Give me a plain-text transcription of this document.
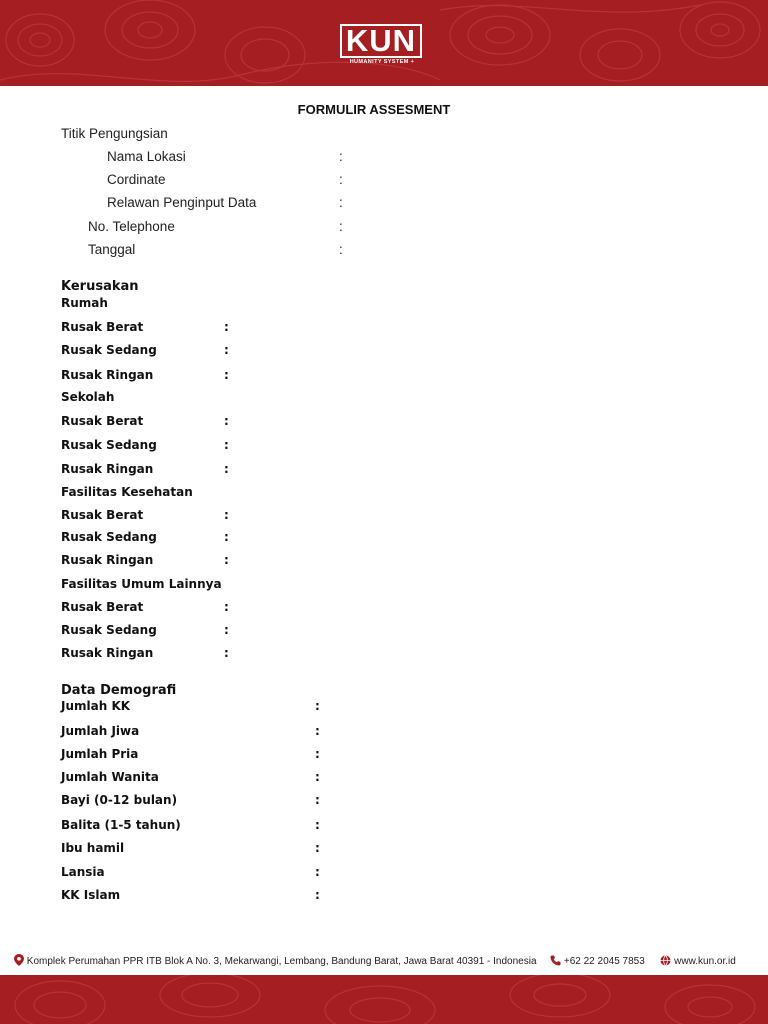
KUN
HUMANITY SYSTEM +
FORMULIR ASSESMENT
Titik Pengungsian
Nama Lokasi	:
Cordinate	:
Relawan Penginput Data	:
No. Telephone	:
Tanggal	:
Kerusakan
Rumah
Rusak Berat	:
Rusak Sedang	:
Rusak Ringan	:
Sekolah
Rusak Berat	:
Rusak Sedang	:
Rusak Ringan	:
Fasilitas Kesehatan
Rusak Berat	:
Rusak Sedang	:
Rusak Ringan	:
Fasilitas Umum Lainnya
Rusak Berat	:
Rusak Sedang	:
Rusak Ringan	:
Data Demografi
Jumlah KK	:
Jumlah Jiwa	:
Jumlah Pria	:
Jumlah Wanita	:
Bayi (0-12 bulan)	:
Balita (1-5 tahun)	:
Ibu hamil	:
Lansia	:
KK Islam	:
Komplek Perumahan PPR ITB Blok A No. 3, Mekarwangi, Lembang, Bandung Barat, Jawa Barat 40391 - Indonesia	+62 22 2045 7853	www.kun.or.id
